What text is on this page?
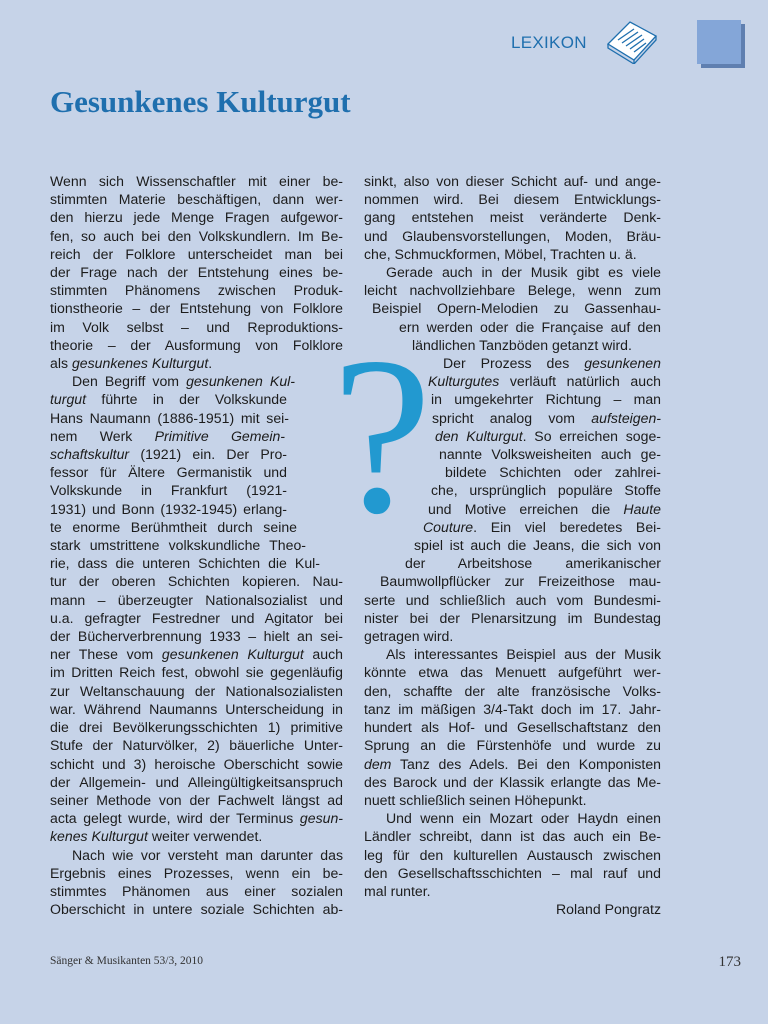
LEXIKON
Gesunkenes Kulturgut
?
Wenn sich Wissenschaftler mit einer be-
stimmten Materie beschäftigen, dann wer-
den hierzu jede Menge Fragen aufgewor-
fen, so auch bei den Volkskundlern. Im Be-
reich der Folklore unterscheidet man bei
der Frage nach der Entstehung eines be-
stimmten Phänomens zwischen Produk-
tionstheorie – der Entstehung von Folklore
im Volk selbst – und Reproduktions-
theorie – der Ausformung von Folklore
als gesunkenes Kulturgut.
Den Begriff vom gesunkenen Kul-
turgut führte in der Volkskunde
Hans Naumann (1886-1951) mit sei-
nem Werk Primitive Gemein-
schaftskultur (1921) ein. Der Pro-
fessor für Ältere Germanistik und
Volkskunde in Frankfurt (1921-
1931) und Bonn (1932-1945) erlang-
te enorme Berühmtheit durch seine
stark umstrittene volkskundliche Theo-
rie, dass die unteren Schichten die Kul-
tur der oberen Schichten kopieren. Nau-
mann – überzeugter Nationalsozialist und
u.a. gefragter Festredner und Agitator bei
der Bücherverbrennung 1933 – hielt an sei-
ner These vom gesunkenen Kulturgut auch
im Dritten Reich fest, obwohl sie gegenläufig
zur Weltanschauung der Nationalsozialisten
war. Während Naumanns Unterscheidung in
die drei Bevölkerungsschichten 1) primitive
Stufe der Naturvölker, 2) bäuerliche Unter-
schicht und 3) heroische Oberschicht sowie
der Allgemein- und Alleingültigkeitsanspruch
seiner Methode von der Fachwelt längst ad
acta gelegt wurde, wird der Terminus gesun-
kenes Kulturgut weiter verwendet.
Nach wie vor versteht man darunter das
Ergebnis eines Prozesses, wenn ein be-
stimmtes Phänomen aus einer sozialen
Oberschicht in untere soziale Schichten ab-
sinkt, also von dieser Schicht auf- und ange-
nommen wird. Bei diesem Entwicklungs-
gang entstehen meist veränderte Denk-
und Glaubensvorstellungen, Moden, Bräu-
che, Schmuckformen, Möbel, Trachten u. ä.
Gerade auch in der Musik gibt es viele
leicht nachvollziehbare Belege, wenn zum
Beispiel Opern-Melodien zu Gassenhau-
ern werden oder die Française auf den
ländlichen Tanzböden getanzt wird.
Der Prozess des gesunkenen
Kulturgutes verläuft natürlich auch
in umgekehrter Richtung – man
spricht analog vom aufsteigen-
den Kulturgut. So erreichen soge-
nannte Volksweisheiten auch ge-
bildete Schichten oder zahlrei-
che, ursprünglich populäre Stoffe
und Motive erreichen die Haute
Couture. Ein viel beredetes Bei-
spiel ist auch die Jeans, die sich von
der Arbeitshose amerikanischer
Baumwollpflücker zur Freizeithose mau-
serte und schließlich auch vom Bundesmi-
nister bei der Plenarsitzung im Bundestag
getragen wird.
Als interessantes Beispiel aus der Musik
könnte etwa das Menuett aufgeführt wer-
den, schaffte der alte französische Volks-
tanz im mäßigen 3/4-Takt doch im 17. Jahr-
hundert als Hof- und Gesellschaftstanz den
Sprung an die Fürstenhöfe und wurde zu
dem Tanz des Adels. Bei den Komponisten
des Barock und der Klassik erlangte das Me-
nuett schließlich seinen Höhepunkt.
Und wenn ein Mozart oder Haydn einen
Ländler schreibt, dann ist das auch ein Be-
leg für den kulturellen Austausch zwischen
den Gesellschaftsschichten – mal rauf und
mal runter.
Roland Pongratz
Sänger & Musikanten 53/3, 2010	173
